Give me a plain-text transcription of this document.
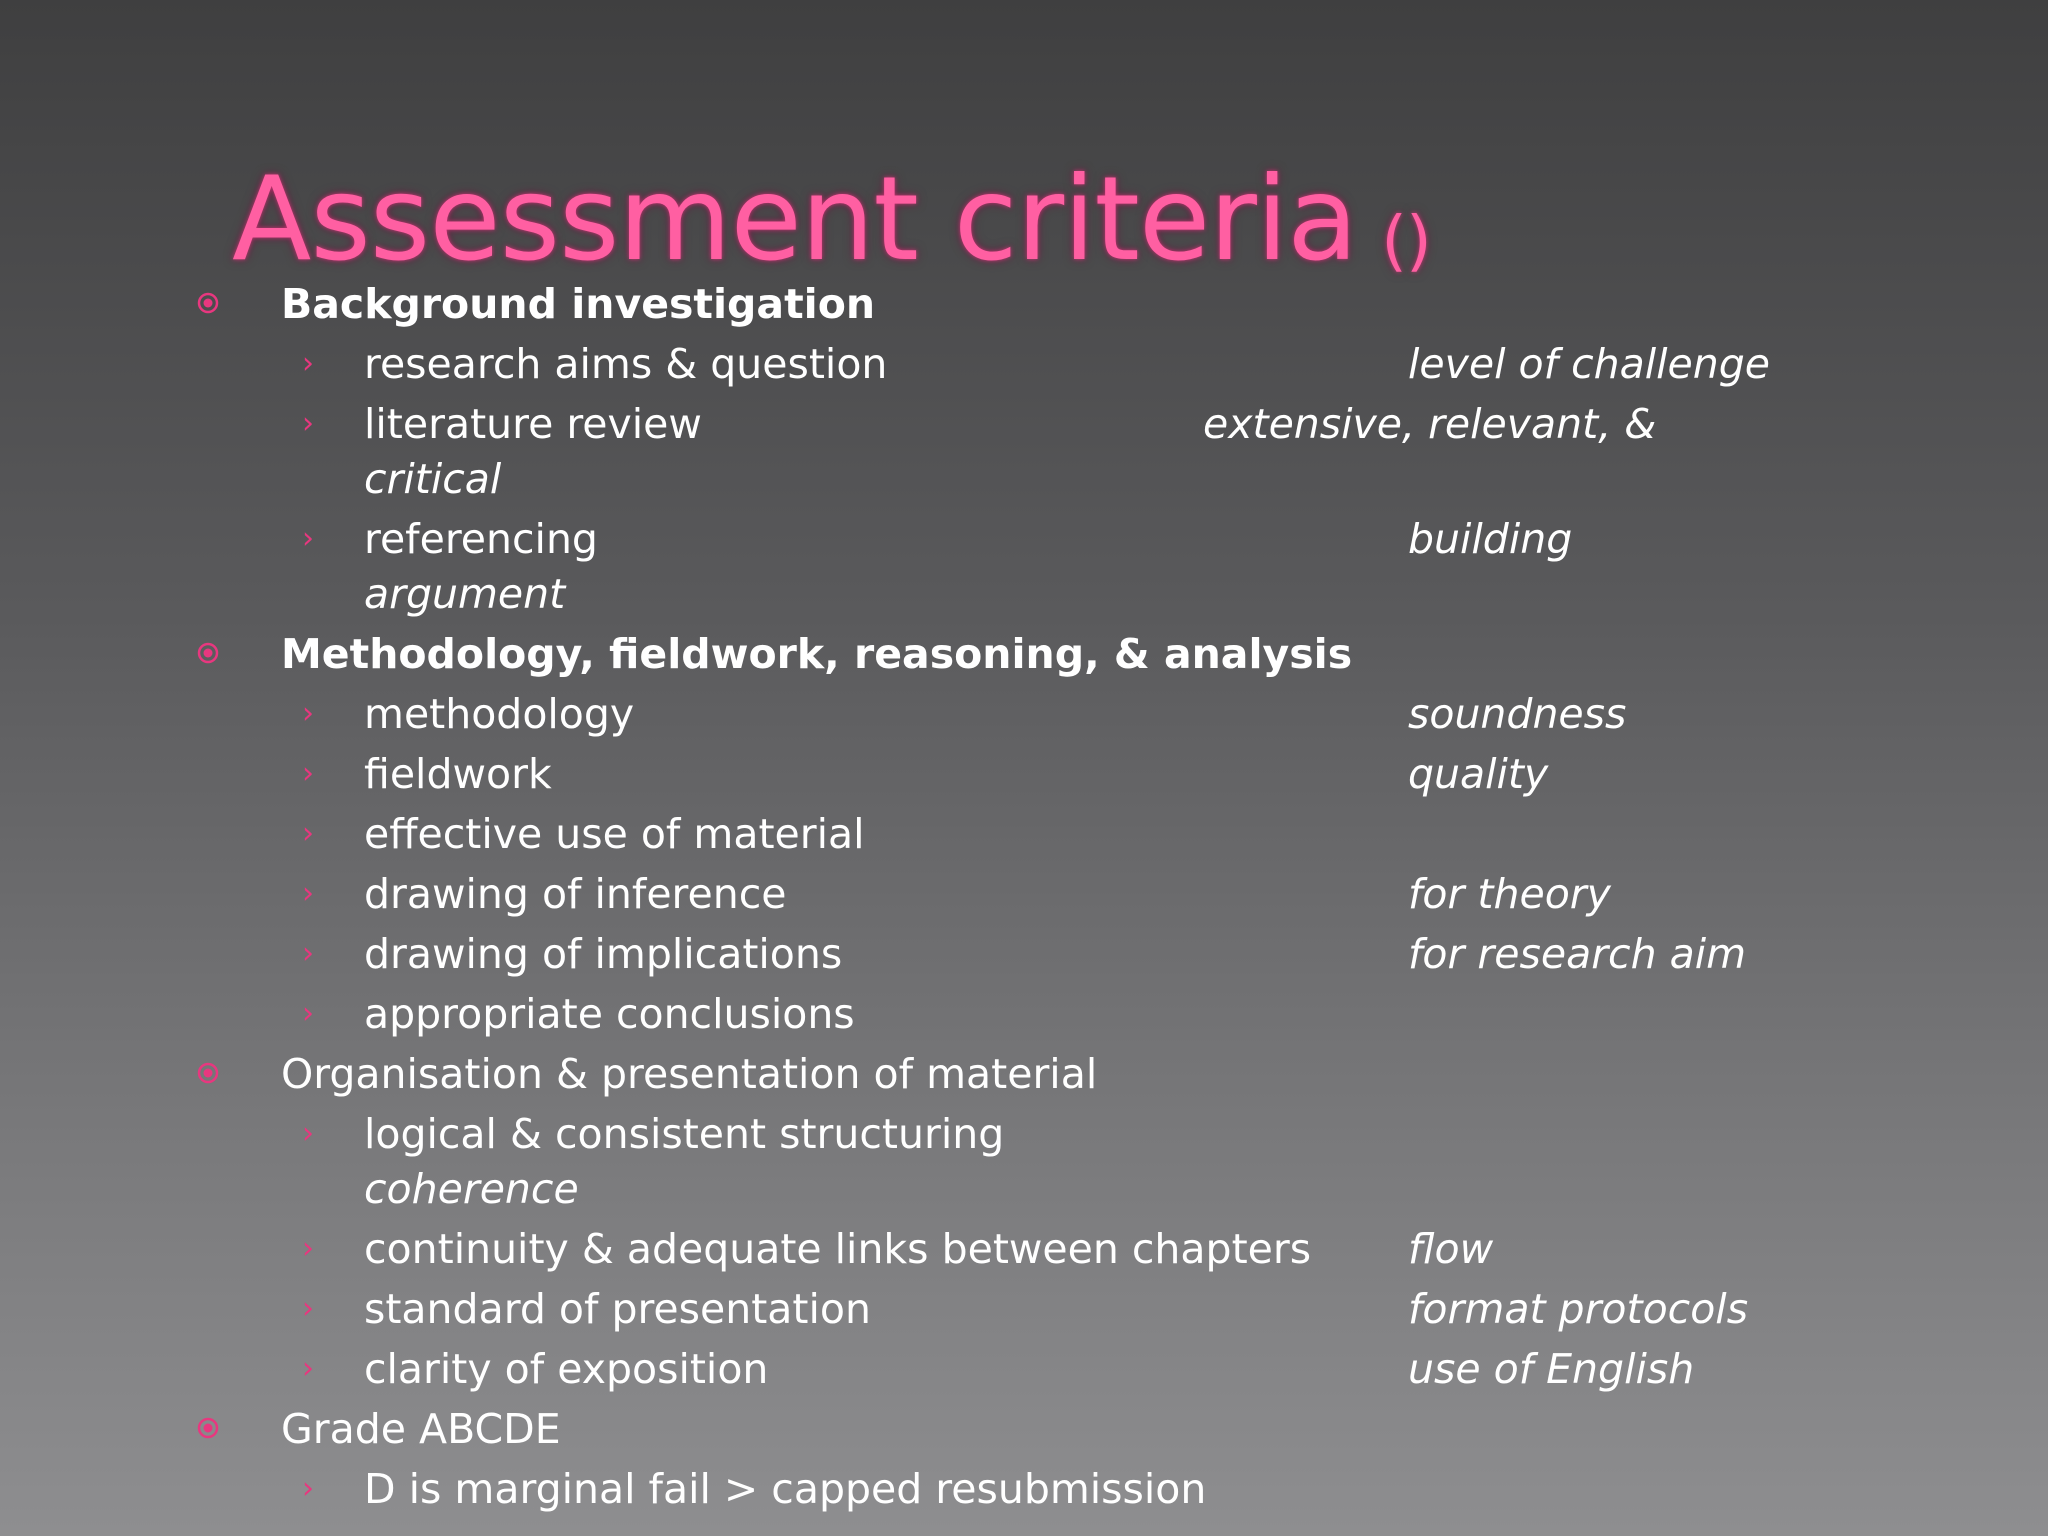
Assessment criteria ()
Background investigation
› research aims & question	level of challenge
› literature review	extensive, relevant, &
critical
› referencing	building
argument
Methodology, fieldwork, reasoning, & analysis
› methodology	soundness
› fieldwork	quality
› effective use of material
› drawing of inference	for theory
› drawing of implications	for research aim
› appropriate conclusions
Organisation & presentation of material
› logical & consistent structuring
coherence
› continuity & adequate links between chapters flow
› standard of presentation	format protocols
› clarity of exposition	use of English
Grade ABCDE
› D is marginal fail > capped resubmission
